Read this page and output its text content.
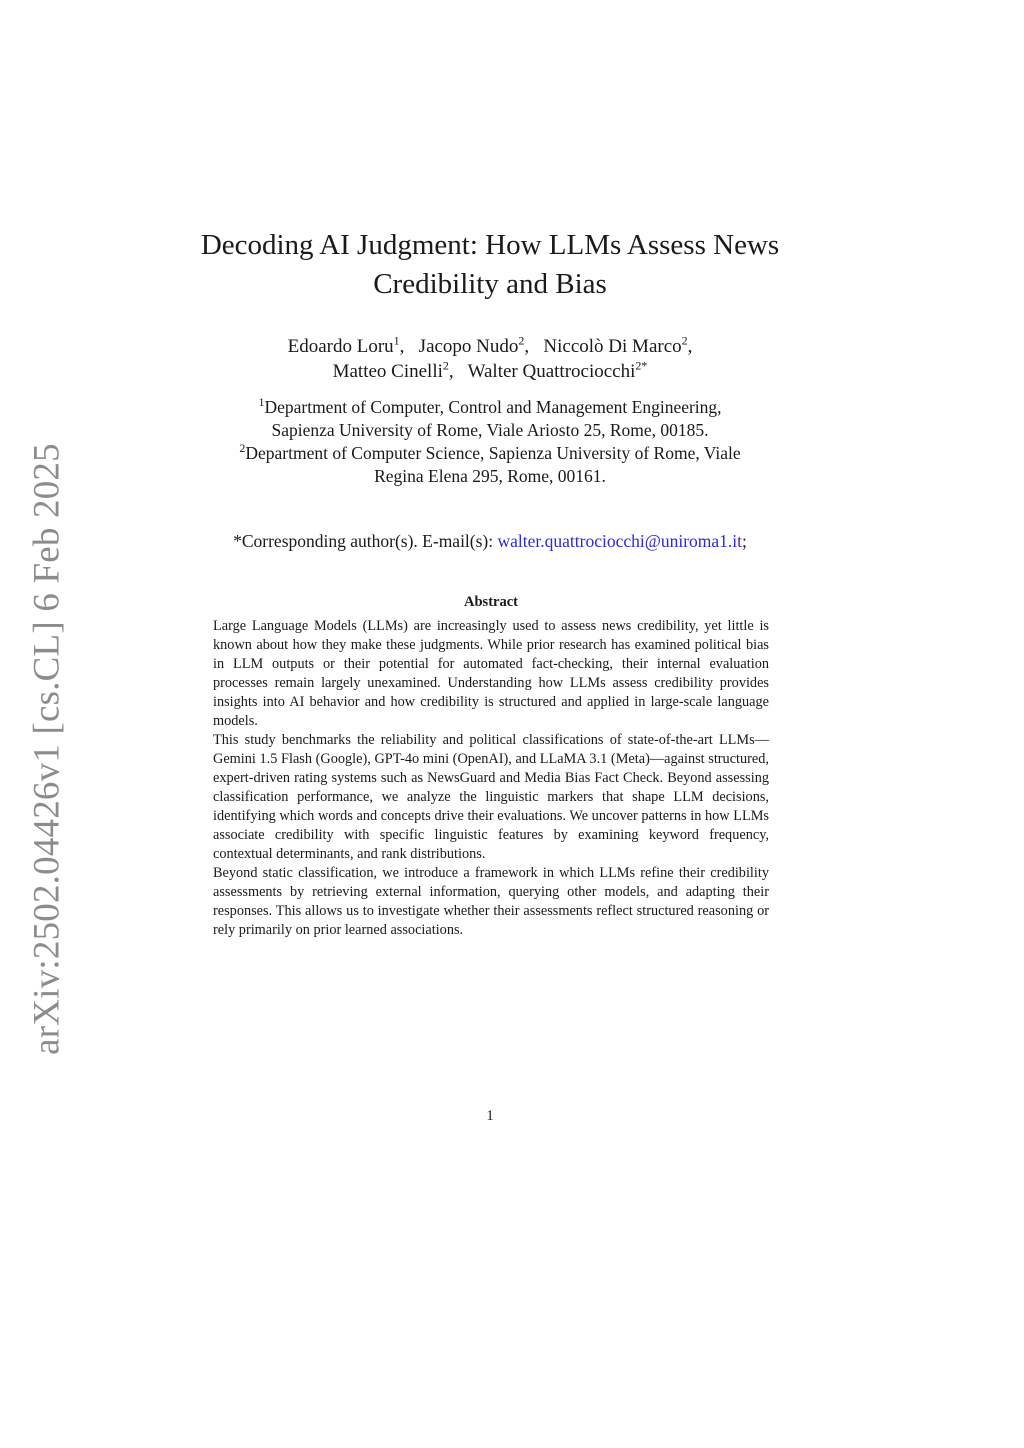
arXiv:2502.04426v1 [cs.CL] 6 Feb 2025
Decoding AI Judgment: How LLMs Assess News
Credibility and Bias
Edoardo Loru$^1$,   Jacopo Nudo$^2$,   Niccolò Di Marco$^2$,
Matteo Cinelli$^2$,   Walter Quattrociocchi$^{2*}$
$^1$Department of Computer, Control and Management Engineering,
Sapienza University of Rome, Viale Ariosto 25, Rome, 00185.
$^2$Department of Computer Science, Sapienza University of Rome, Viale
Regina Elena 295, Rome, 00161.
*Corresponding author(s). E-mail(s): walter.quattrociocchi@uniroma1.it;
Abstract

Large Language Models (LLMs) are increasingly used to assess news credibility, yet little is known about how they make these judgments. While prior research has examined political bias in LLM outputs or their potential for automated fact-checking, their internal evaluation processes remain largely unexamined. Understanding how LLMs assess credibility provides insights into AI behavior and how credibility is structured and applied in large-scale language models.

This study benchmarks the reliability and political classifications of state-of-the-art LLMs—Gemini 1.5 Flash (Google), GPT-4o mini (OpenAI), and LLaMA 3.1 (Meta)—against structured, expert-driven rating systems such as NewsGuard and Media Bias Fact Check. Beyond assessing classification performance, we analyze the linguistic markers that shape LLM decisions, identifying which words and concepts drive their evaluations. We uncover patterns in how LLMs associate credibility with specific linguistic features by examining keyword frequency, contextual determinants, and rank distributions.

Beyond static classification, we introduce a framework in which LLMs refine their credibility assessments by retrieving external information, querying other models, and adapting their responses. This allows us to investigate whether their assessments reflect structured reasoning or rely primarily on prior learned associations.

1
